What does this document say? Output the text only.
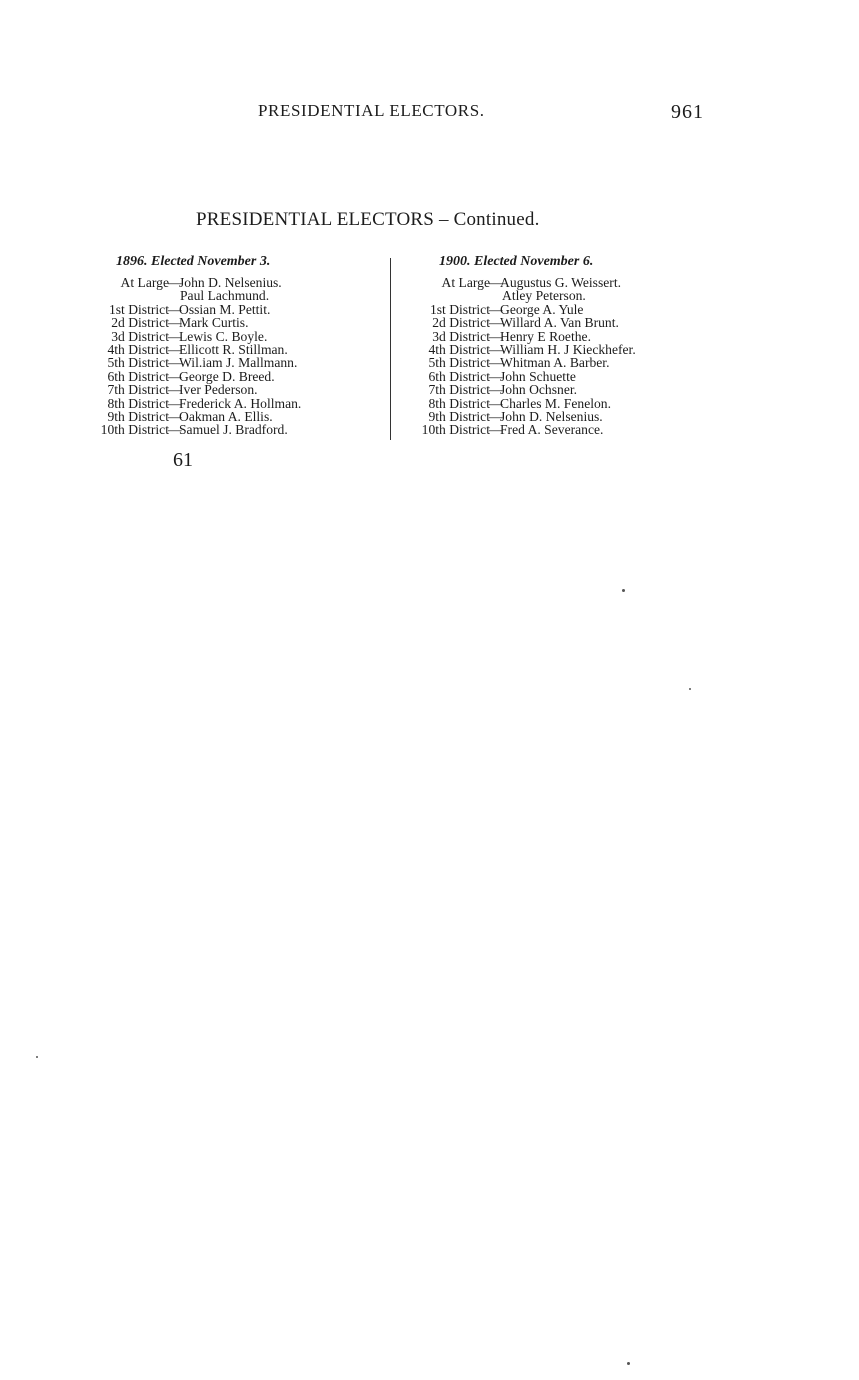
PRESIDENTIAL ELECTORS.	961
PRESIDENTIAL ELECTORS – Continued.
1896. Elected November 3.	1900. Elected November 6.
At Large —
John D. Nelsenius.
Paul Lachmund.
1st District —
Ossian M. Pettit.
2d District —
Mark Curtis.
3d District —
Lewis C. Boyle.
4th District —
Ellicott R. Stillman.
5th District —
Wil.iam J. Mallmann.
6th District —
George D. Breed.
7th District —
Iver Pederson.
8th District —
Frederick A. Hollman.
9th District —
Oakman A. Ellis.
10th District —
Samuel J. Bradford.
At Large —
Augustus G. Weissert.
Atley Peterson.
1st District —
George A. Yule
2d District —
Willard A. Van Brunt.
3d District —
Henry E Roethe.
4th District —
William H. J Kieckhefer.
5th District —
Whitman A. Barber.
6th District —
John Schuette
7th District —
John Ochsner.
8th District —
Charles M. Fenelon.
9th District —
John D. Nelsenius.
10th District —
Fred A. Severance.
61
